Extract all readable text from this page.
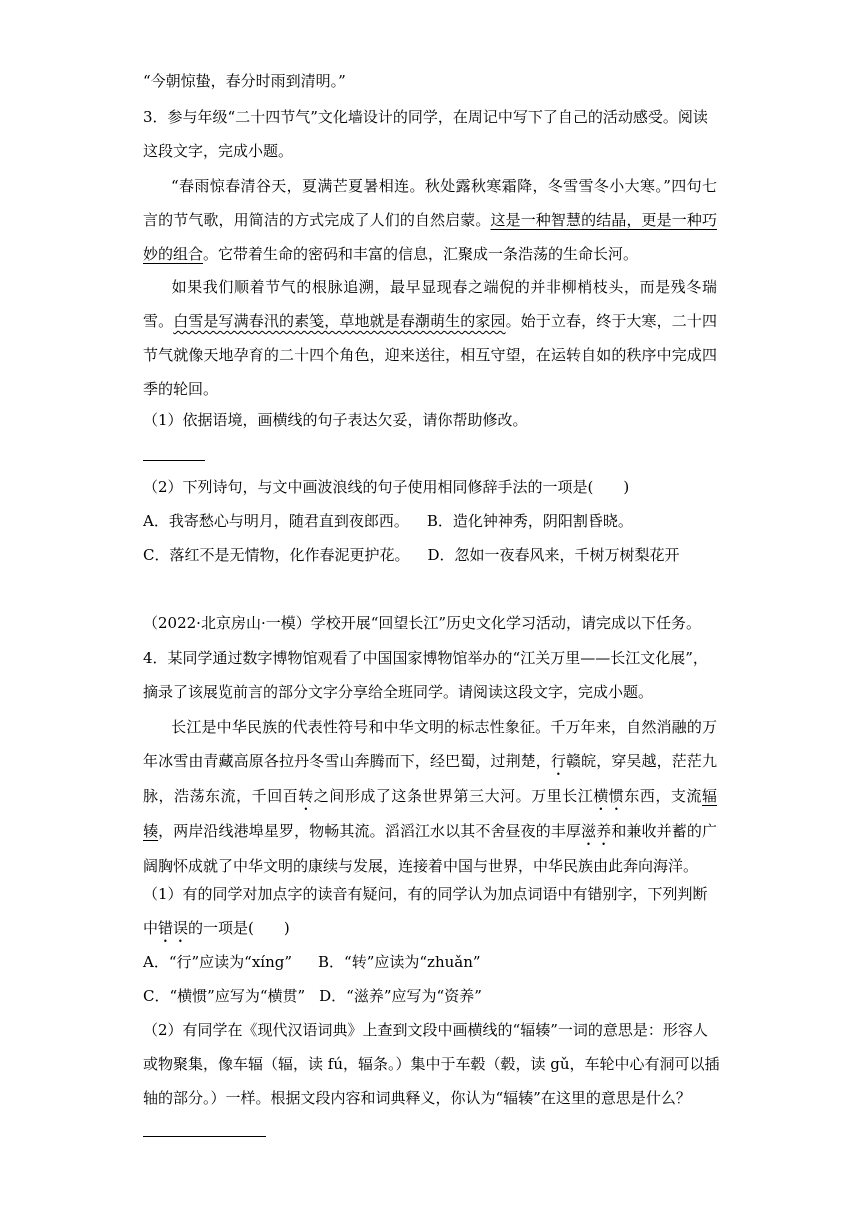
“今朝惊蛰，春分时雨到清明。”
3．参与年级“二十四节气”文化墙设计的同学，在周记中写下了自己的活动感受。阅读
这段文字，完成小题。
“春雨惊春清谷天，夏满芒夏暑相连。秋处露秋寒霜降，冬雪雪冬小大寒。”四句七言的节气歌，用简洁的方式完成了人们的自然启蒙。这是一种智慧的结晶，更是一种巧妙的组合。它带着生命的密码和丰富的信息，汇聚成一条浩荡的生命长河。
如果我们顺着节气的根脉追溯，最早显现春之端倪的并非柳梢枝头，而是残冬瑞雪。白雪是写满春汛的素笺，草地就是春潮萌生的家园。始于立春，终于大寒，二十四节气就像天地孕育的二十四个角色，迎来送往，相互守望，在运转自如的秩序中完成四季的轮回。
（1）依据语境，画横线的句子表达欠妥，请你帮助修改。
（2）下列诗句，与文中画波浪线的句子使用相同修辞手法的一项是(　　)
A．我寄愁心与明月，随君直到夜郎西。 B．造化钟神秀，阴阳割昏晓。
C．落红不是无情物，化作春泥更护花。 D．忽如一夜春风来，千树万树梨花开
（2022·北京房山·一模）学校开展“回望长江”历史文化学习活动，请完成以下任务。
4．某同学通过数字博物馆观看了中国国家博物馆举办的“江关万里——长江文化展”，
摘录了该展览前言的部分文字分享给全班同学。请阅读这段文字，完成小题。
长江是中华民族的代表性符号和中华文明的标志性象征。千万年来，自然消融的万年冰雪由青藏高原各拉丹冬雪山奔腾而下，经巴蜀，过荆楚，行赣皖，穿吴越，茫茫九脉，浩荡东流，千回百转之间形成了这条世界第三大河。万里长江横惯东西，支流辐辏，两岸沿线港埠星罗，物畅其流。滔滔江水以其不舍昼夜的丰厚滋养和兼收并蓄的广阔胸怀成就了中华文明的康续与发展，连接着中国与世界，中华民族由此奔向海洋。
（1）有的同学对加点字的读音有疑问，有的同学认为加点词语中有错别字，下列判断
中错误的一项是(　　)
A．“行”应读为“xíng” B．“转”应读为“zhuǎn”
C．“横惯”应写为“横贯” D．“滋养”应写为“资养”
（2）有同学在《现代汉语词典》上查到文段中画横线的“辐辏”一词的意思是：形容人
或物聚集，像车辐（辐，读 fú，辐条。）集中于车毂（毂，读 gǔ，车轮中心有洞可以插
轴的部分。）一样。根据文段内容和词典释义，你认为“辐辏”在这里的意思是什么？
